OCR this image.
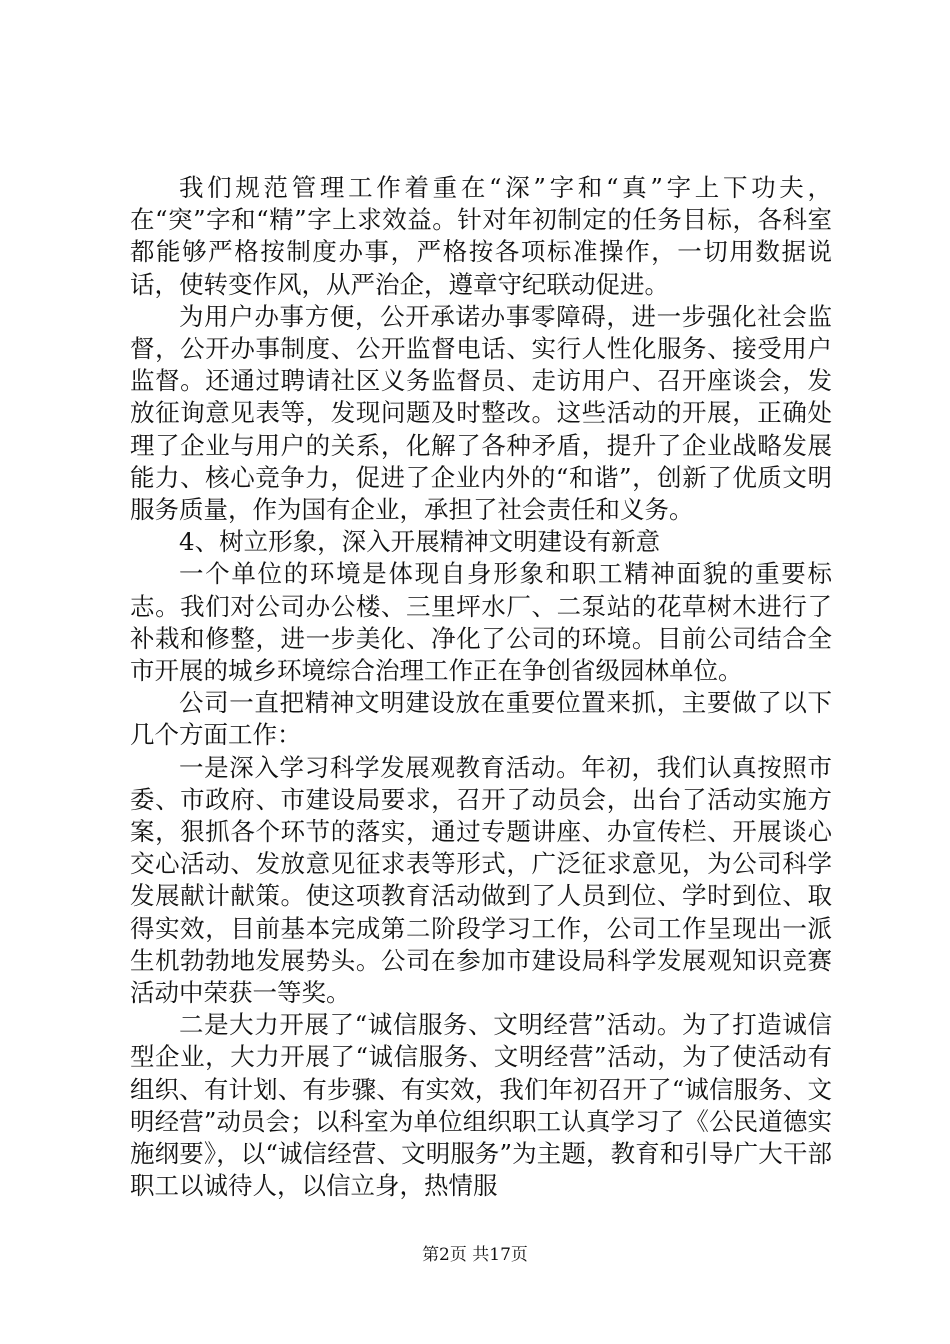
我们规范管理工作着重在“深”字和“真”字上下功夫，在“突”字和“精”字上求效益。针对年初制定的任务目标，各科室都能够严格按制度办事，严格按各项标准操作，一切用数据说话，使转变作风，从严治企，遵章守纪联动促进。

为用户办事方便，公开承诺办事零障碍，进一步强化社会监督，公开办事制度、公开监督电话、实行人性化服务、接受用户监督。还通过聘请社区义务监督员、走访用户、召开座谈会，发放征询意见表等，发现问题及时整改。这些活动的开展，正确处理了企业与用户的关系，化解了各种矛盾，提升了企业战略发展能力、核心竞争力，促进了企业内外的“和谐”，创新了优质文明服务质量，作为国有企业，承担了社会责任和义务。

4、树立形象，深入开展精神文明建设有新意

一个单位的环境是体现自身形象和职工精神面貌的重要标志。我们对公司办公楼、三里坪水厂、二泵站的花草树木进行了补栽和修整，进一步美化、净化了公司的环境。目前公司结合全市开展的城乡环境综合治理工作正在争创省级园林单位。

公司一直把精神文明建设放在重要位置来抓，主要做了以下几个方面工作：

一是深入学习科学发展观教育活动。年初，我们认真按照市委、市政府、市建设局要求，召开了动员会，出台了活动实施方案，狠抓各个环节的落实，通过专题讲座、办宣传栏、开展谈心交心活动、发放意见征求表等形式，广泛征求意见，为公司科学发展献计献策。使这项教育活动做到了人员到位、学时到位、取得实效，目前基本完成第二阶段学习工作，公司工作呈现出一派生机勃勃地发展势头。公司在参加市建设局科学发展观知识竞赛活动中荣获一等奖。

二是大力开展了“诚信服务、文明经营”活动。为了打造诚信型企业，大力开展了“诚信服务、文明经营”活动，为了使活动有组织、有计划、有步骤、有实效，我们年初召开了“诚信服务、文明经营”动员会；以科室为单位组织职工认真学习了《公民道德实施纲要》，以“诚信经营、文明服务”为主题，教育和引导广大干部职工以诚待人，以信立身，热情服

第2页 共17页
